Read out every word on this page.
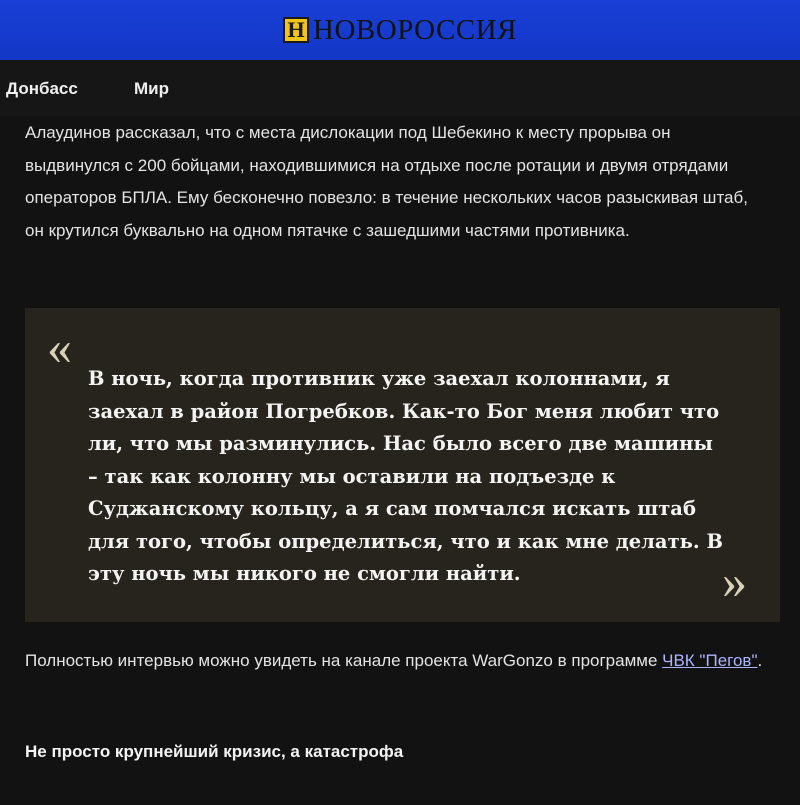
Н НОВОРОССИЯ
Донбасс	Мир

Алаудинов рассказал, что с места дислокации под Шебекино к месту прорыва он выдвинулся с 200 бойцами, находившимися на отдыхе после ротации и двумя отрядами операторов БПЛА. Ему бесконечно повезло: в течение нескольких часов разыскивая штаб, он крутился буквально на одном пятачке с зашедшими частями противника.

«

В ночь, когда противник уже заехал колоннами, я заехал в район Погребков. Как-то Бог меня любит что ли, что мы разминулись. Нас было всего две машины – так как колонну мы оставили на подъезде к Суджанскому кольцу, а я сам помчался искать штаб для того, чтобы определиться, что и как мне делать. В эту ночь мы никого не смогли найти.	»

Полностью интервью можно увидеть на канале проекта WarGonzo в программе ЧВК "Пегов".

Не просто крупнейший кризис, а катастрофа
